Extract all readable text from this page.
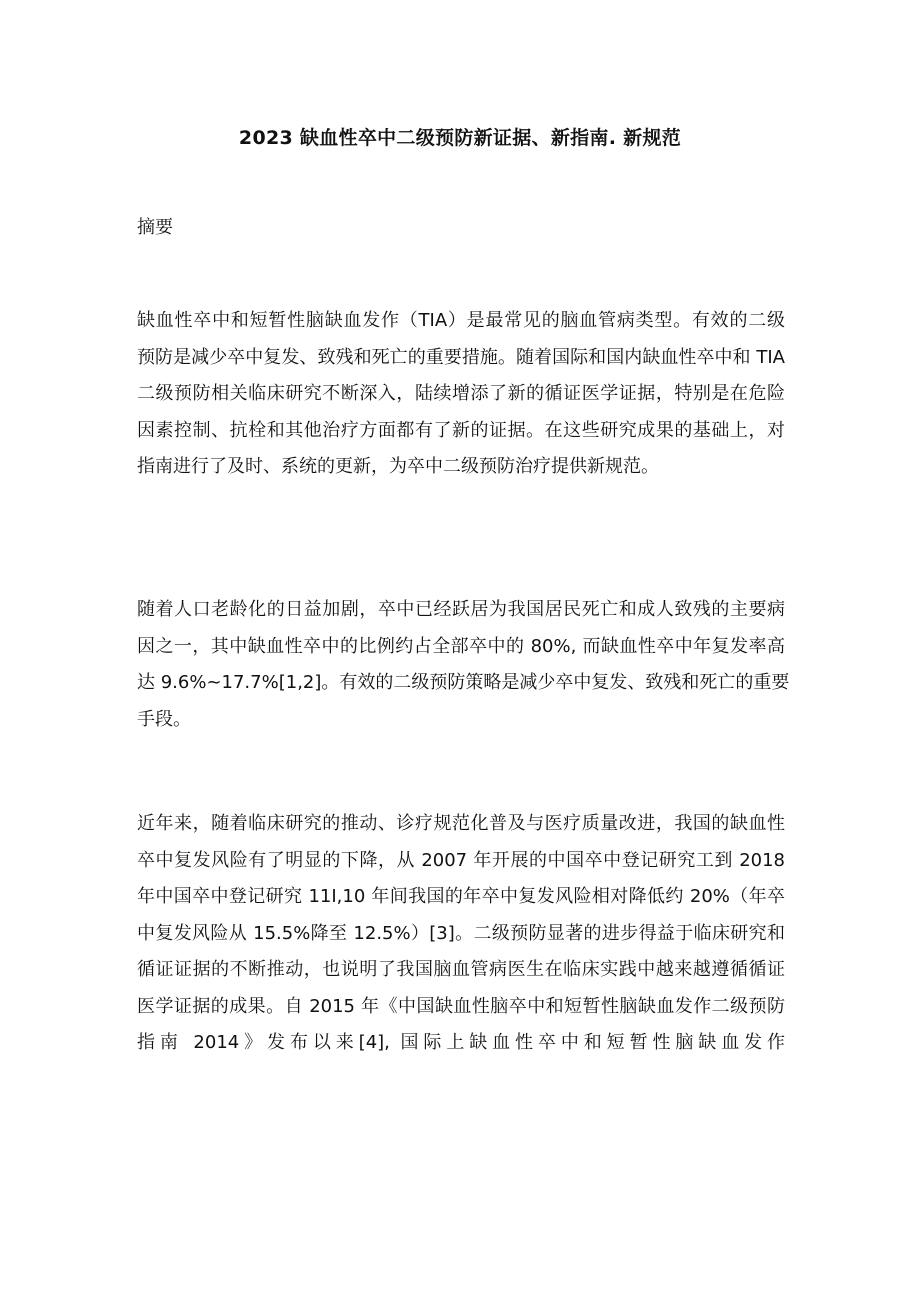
2023 缺血性卒中二级预防新证据、新指南. 新规范

摘要

缺血性卒中和短暂性脑缺血发作（TIA）是最常见的脑血管病类型。有效的二级
预防是减少卒中复发、致残和死亡的重要措施。随着国际和国内缺血性卒中和 TIA
二级预防相关临床研究不断深入，陆续增添了新的循证医学证据，特别是在危险
因素控制、抗栓和其他治疗方面都有了新的证据。在这些研究成果的基础上，对
指南进行了及时、系统的更新，为卒中二级预防治疗提供新规范。
随着人口老龄化的日益加剧，卒中已经跃居为我国居民死亡和成人致残的主要病
因之一，其中缺血性卒中的比例约占全部卒中的 80%, 而缺血性卒中年复发率高
达 9.6%~17.7%[1,2]。有效的二级预防策略是减少卒中复发、致残和死亡的重要
手段。
近年来，随着临床研究的推动、诊疗规范化普及与医疗质量改进，我国的缺血性
卒中复发风险有了明显的下降，从 2007 年开展的中国卒中登记研究工到 2018
年中国卒中登记研究 11I,10 年间我国的年卒中复发风险相对降低约 20%（年卒
中复发风险从 15.5%降至 12.5%）[3]。二级预防显著的进步得益于临床研究和
循证证据的不断推动，也说明了我国脑血管病医生在临床实践中越来越遵循循证
医学证据的成果。自 2015 年《中国缺血性脑卒中和短暂性脑缺血发作二级预防
指南 2014》发布以来[4], 国际上缺血性卒中和短暂性脑缺血发作
